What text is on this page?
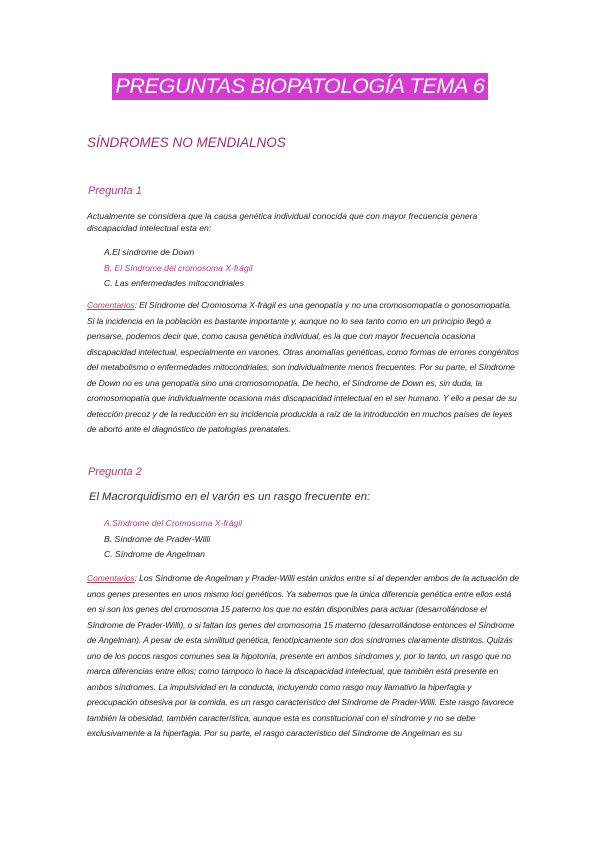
PREGUNTAS BIOPATOLOGÍA TEMA 6
SÍNDROMES NO MENDIALNOS
Pregunta 1
Actualmente se considera que la causa genética individual conocida que con mayor frecuencia genera discapacidad intelectual esta en:
A.El síndrome de Down
B. El Síndrome del cromosoma X-frágil
C. Las enfermedades mitocondriales
Comentarios: El Síndrome del Cromosoma X-frágil es una genopatía y no una cromosomopatía o gonosomopatía. Si la incidencia en la población es bastante importante y, aunque no lo sea tanto como en un principio llegó a pensarse, podemos decir que, como causa genética individual, es la que con mayor frecuencia ocasiona discapacidad intelectual, especialmente en varones. Otras anomalías genéticas, como formas de errores congénitos del metabolismo o enfermedades mitocondriales, son individualmente menos frecuentes. Por su parte, el Síndrome de Down no es una genopatía sino una cromosomopatía. De hecho, el Síndrome de Down es, sin duda, la cromosomopatía que individualmente ocasiona más discapacidad intelectual en el ser humano. Y ello a pesar de su detección precoz y de la reducción en su incidencia producida a raíz de la introducción en muchos países de leyes de aborto ante el diagnóstico de patologías prenatales.
Pregunta 2
El Macrorquidismo en el varón es un rasgo frecuente en:
A.Síndrome del Cromosoma X-frágil
B. Síndrome de Prader-Willi
C. Síndrome de Angelman
Comentarios: Los Síndrome de Angelman y Prader-Willi están unidos entre sí al depender ambos de la actuación de unos genes presentes en unos mismo loci genéticos. Ya sabemos que la única diferencia genética entre ellos está en si son los genes del cromosoma 15 paterno los que no están disponibles para actuar (desarrollándose el Síndrome de Prader-Willi), o si faltan los genes del cromosoma 15 materno (desarrollándose entonces el Síndrome de Angelman). A pesar de esta similitud genética, fenotípicamente son dos síndromes claramente distintos. Quizás uno de los pocos rasgos comunes sea la hipotonía, presente en ambos síndromes y, por lo tanto, un rasgo que no marca diferencias entre ellos; como tampoco lo hace la discapacidad intelectual, que también está presente en ambos síndromes. La impulsividad en la conducta, incluyendo como rasgo muy llamativo la hiperfagia y preocupación obsesiva por la comida, es un rasgo característico del Síndrome de Prader-Willi. Este rasgo favorece también la obesidad, también característica, aunque esta es constitucional con el síndrome y no se debe exclusivamente a la hiperfagia. Por su parte, el rasgo característico del Síndrome de Angelman es su
